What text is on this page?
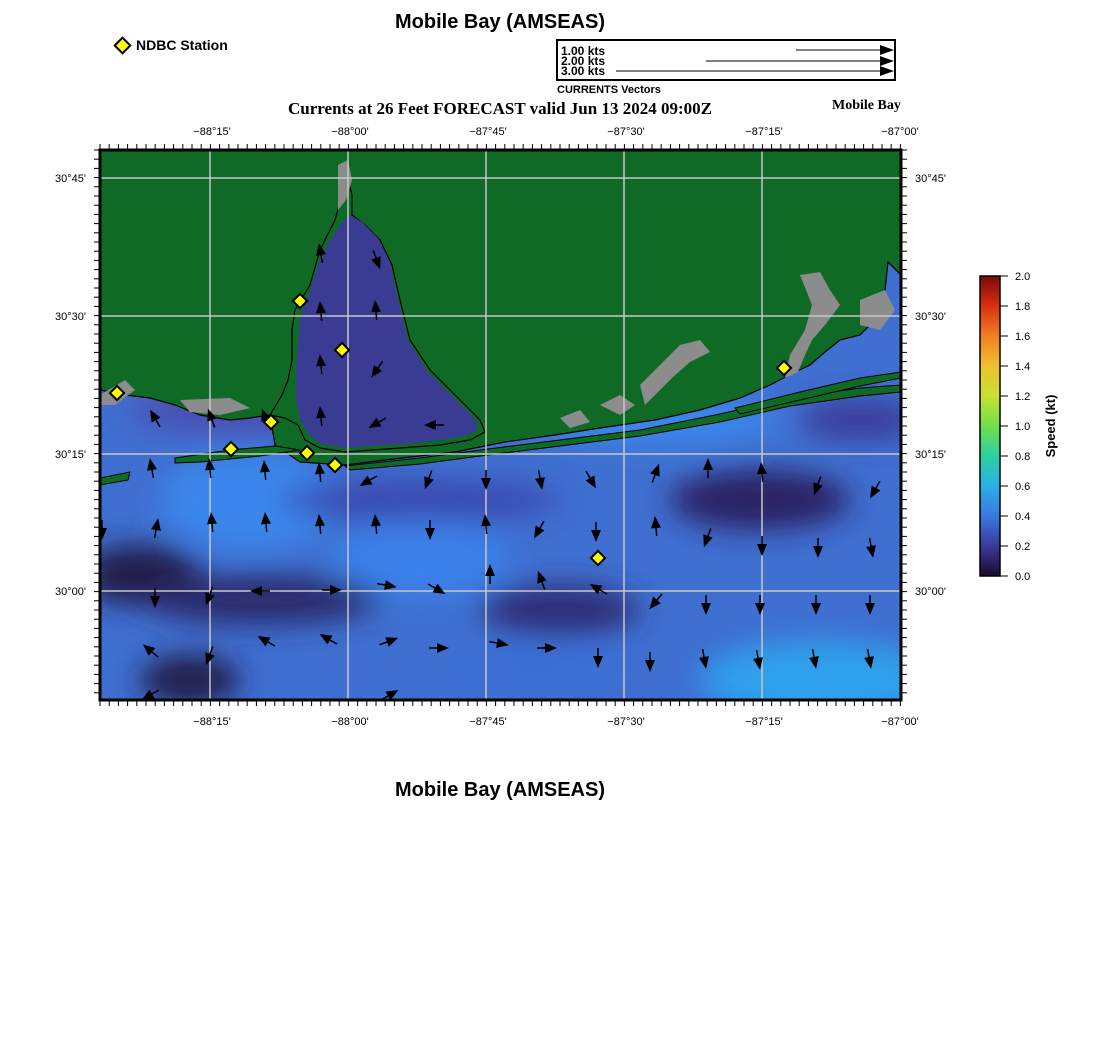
Mobile Bay (AMSEAS)
NDBC Station	1.00 kts
2.00 kts
3.00 kts
CURRENTS Vectors
Currents at 26 Feet FORECAST valid Jun 13 2024 09:00Z	Mobile Bay
−88°15'	−88°00'	−87°45'	−87°30'	−87°15'	−87°00'
−88°15'	−88°00'	−87°45'	−87°30'	−87°15'	−87°00'
30°45'
30°30'
30°15'
30°00'
30°45'
30°30'
30°15'
30°00'
2.0
1.8
1.6
1.4
1.2
1.0
0.8
0.6
0.4
0.2
0.0
Speed (kt)
Mobile Bay (AMSEAS)
